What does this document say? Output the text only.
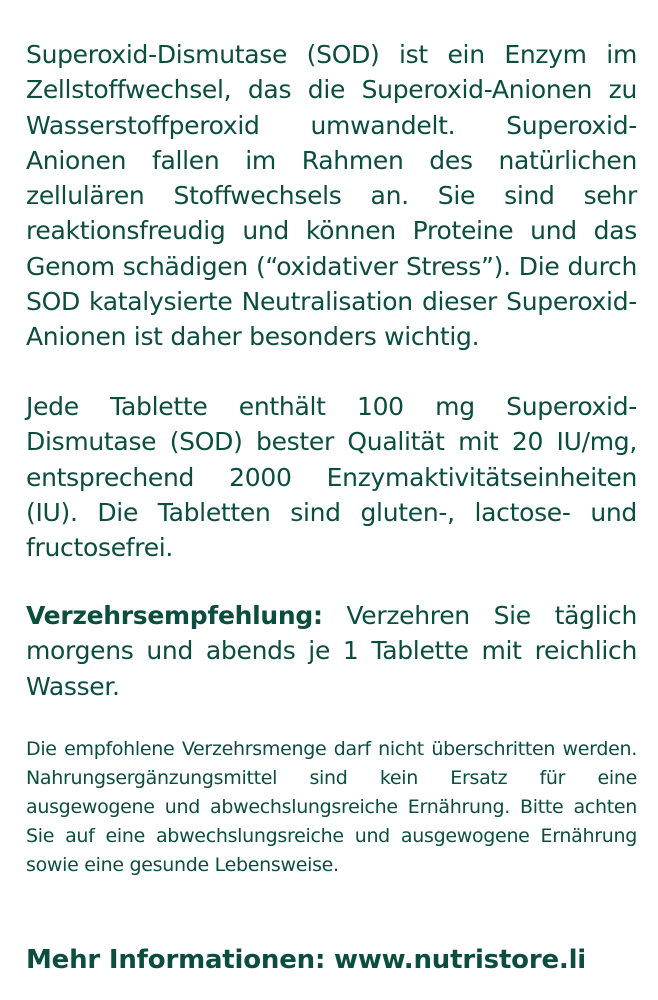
Superoxid-Dismutase (SOD) ist ein Enzym im Zellstoffwechsel, das die Superoxid-Anionen zu Wasserstoffperoxid umwandelt. Superoxid-Anionen fallen im Rahmen des natürlichen zellulären Stoffwechsels an. Sie sind sehr reaktionsfreudig und können Proteine und das Genom schädigen (“oxidativer Stress”). Die durch SOD katalysierte Neutralisation dieser Superoxid-Anionen ist daher besonders wichtig.

Jede Tablette enthält 100 mg Superoxid-Dismutase (SOD) bester Qualität mit 20 IU/mg, entsprechend 2000 Enzymaktivitätseinheiten (IU). Die Tabletten sind gluten-, lactose- und fructosefrei.

Verzehrsempfehlung: Verzehren Sie täglich morgens und abends je 1 Tablette mit reichlich Wasser.

Die empfohlene Verzehrsmenge darf nicht überschritten werden. Nahrungsergänzungsmittel sind kein Ersatz für eine ausgewogene und abwechslungsreiche Ernährung. Bitte achten Sie auf eine abwechslungsreiche und ausgewogene Ernährung sowie eine gesunde Lebensweise.

Mehr Informationen: www.nutristore.li
